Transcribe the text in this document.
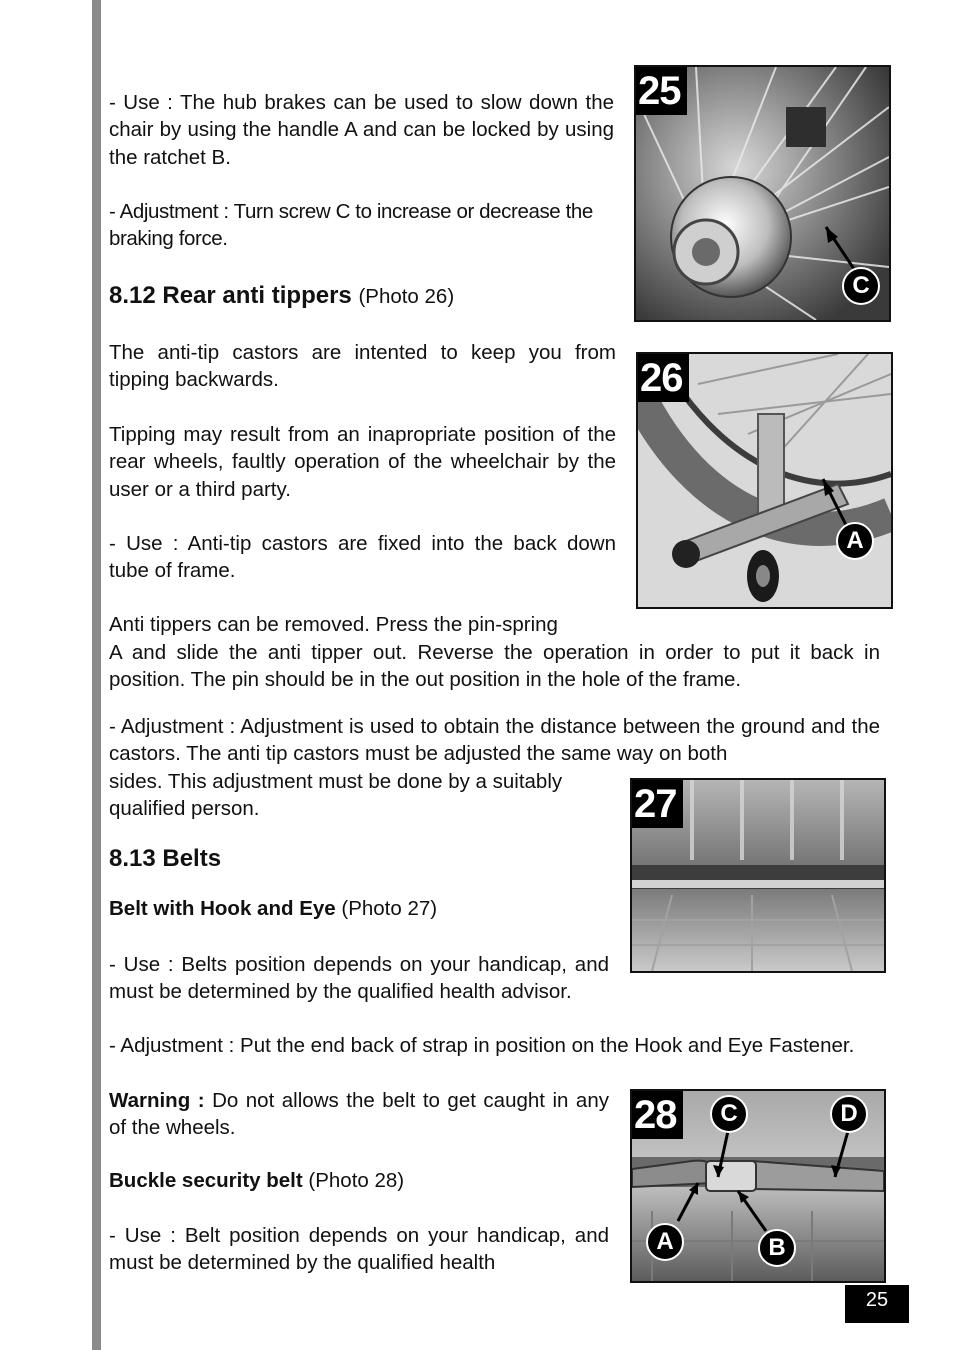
- Use : The hub brakes can be used to slow down the chair by using the handle A and can be locked by using the ratchet B.

- Adjustment : Turn screw C to increase or decrease the braking force.

8.12 Rear anti tippers (Photo 26)

The anti-tip castors are intented to keep you from tipping backwards.

Tipping may result from an inapropriate position of the rear wheels, faultly operation of the wheelchair by the user or a third party.

- Use : Anti-tip castors are fixed into the back down tube of frame.

Anti tippers can be removed. Press the pin-spring

A and slide the anti tipper out. Reverse the operation in order to put it back in position. The pin should be in the out position in the hole of the frame.

- Adjustment : Adjustment is used to obtain the distance between the ground and the castors. The anti tip castors must be adjusted the same way on both

sides. This adjustment must be done by a suitably qualified person.

8.13 Belts

Belt with Hook and Eye (Photo 27)

- Use : Belts position depends on your handicap, and must be determined by the qualified health advisor.

- Adjustment : Put the end back of strap in position on the Hook and Eye Fastener.

Warning : Do not allows the belt to get caught in any of the wheels.

Buckle security belt (Photo 28)

- Use : Belt position depends on your handicap, and must be determined by the qualified health

25
C
26
A
27
28	C	D
A	B
25
